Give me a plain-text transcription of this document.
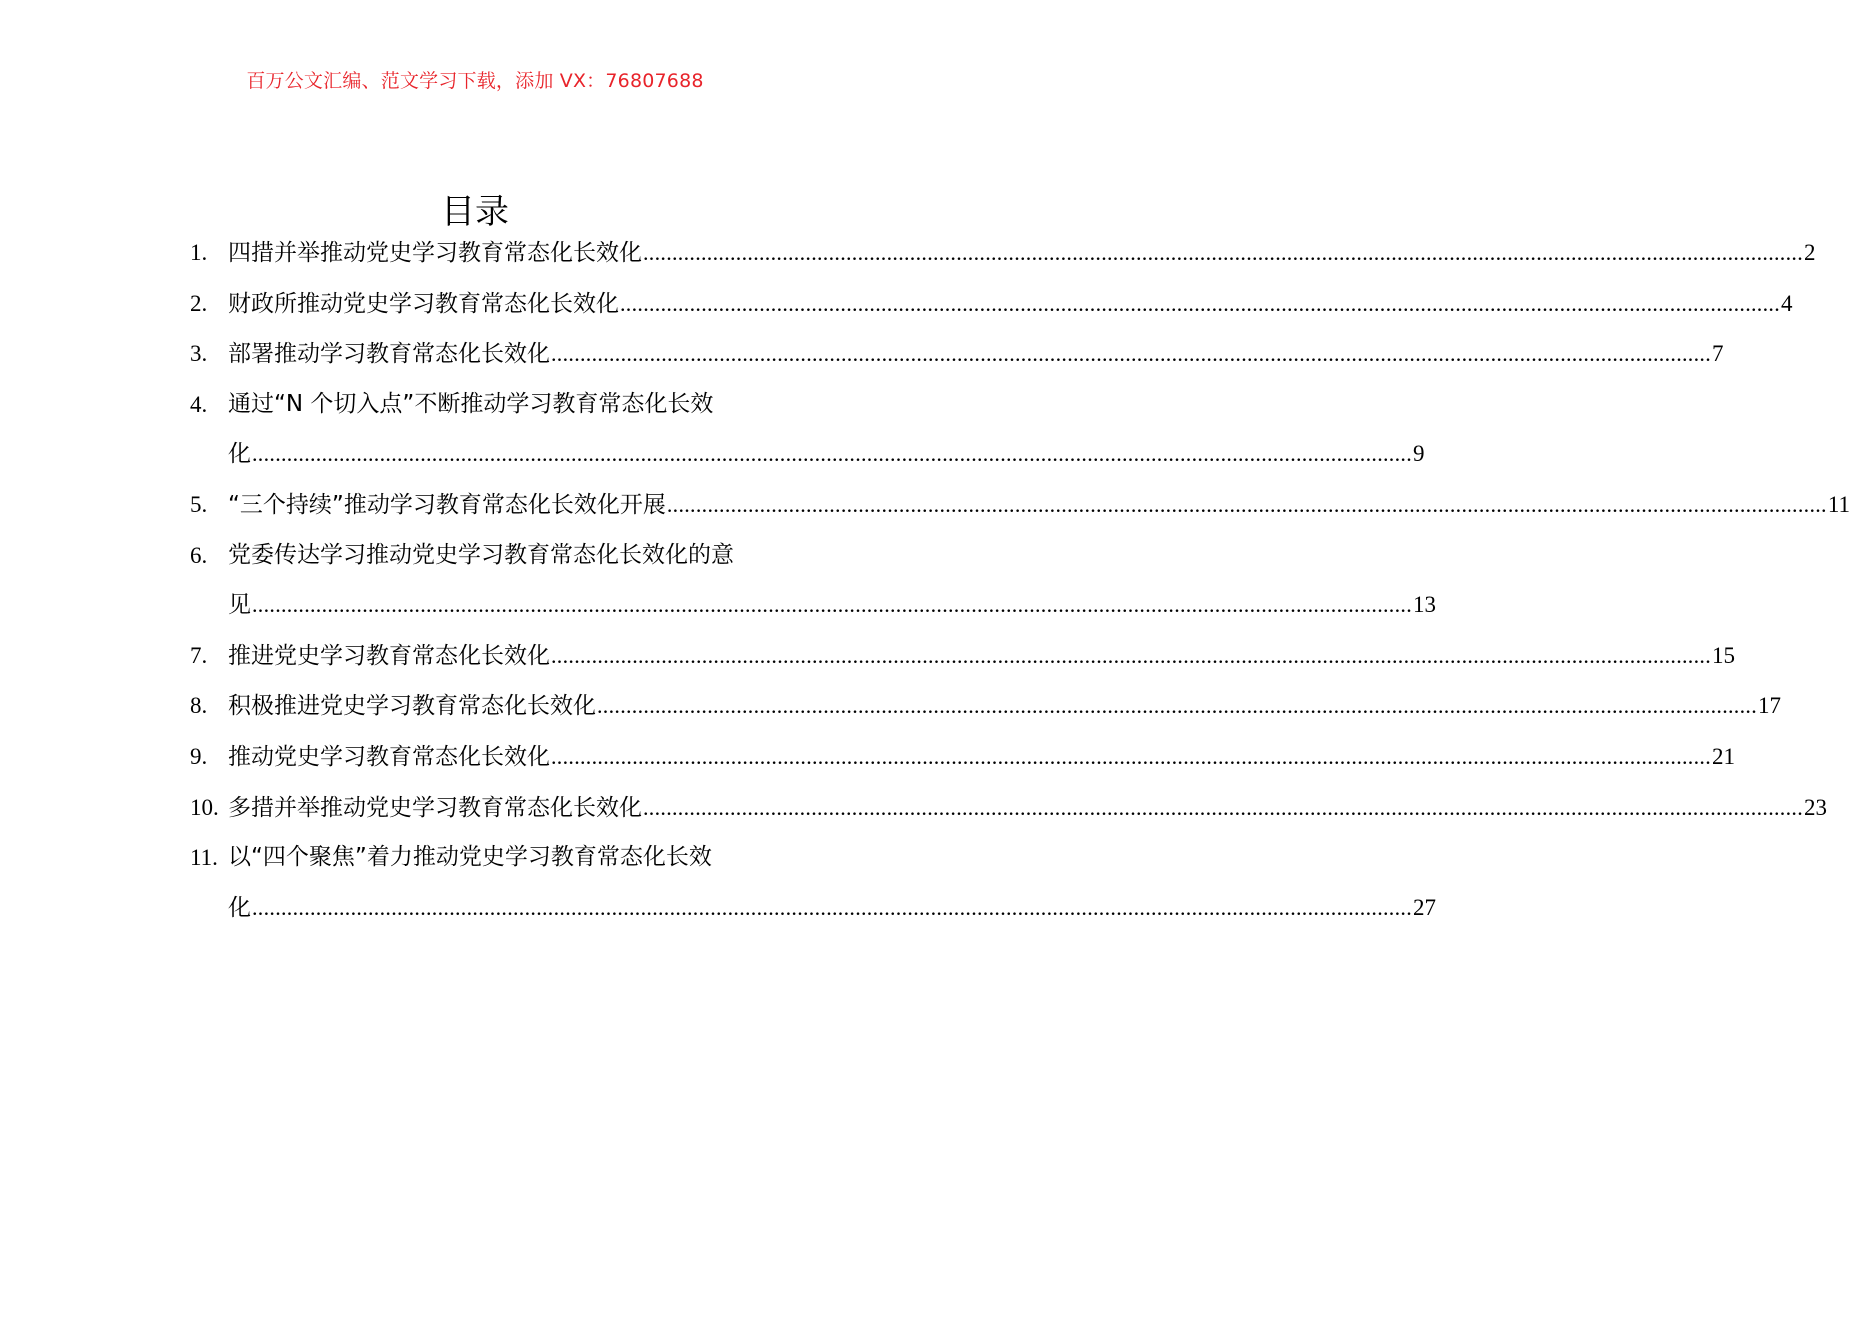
百万公文汇编、范文学习下载，添加 VX：76807688
目录
1. 四措并举推动党史学习教育常态化长效化 ........................................................................................................................................................................................................ 2
2. 财政所推动党史学习教育常态化长效化 ........................................................................................................................................................................................................ 4
3. 部署推动学习教育常态化长效化 ........................................................................................................................................................................................................ 7
4. 通过“N 个切入点”不断推动学习教育常态化长效
化 ........................................................................................................................................................................................................ 9
5. “三个持续”推动学习教育常态化长效化开展 ........................................................................................................................................................................................................ 11
6. 党委传达学习推动党史学习教育常态化长效化的意
见 ........................................................................................................................................................................................................ 13
7. 推进党史学习教育常态化长效化 ........................................................................................................................................................................................................ 15
8. 积极推进党史学习教育常态化长效化 ........................................................................................................................................................................................................ 17
9. 推动党史学习教育常态化长效化 ........................................................................................................................................................................................................ 21
10. 多措并举推动党史学习教育常态化长效化 ........................................................................................................................................................................................................ 23
11. 以“四个聚焦”着力推动党史学习教育常态化长效
化 ........................................................................................................................................................................................................ 27
